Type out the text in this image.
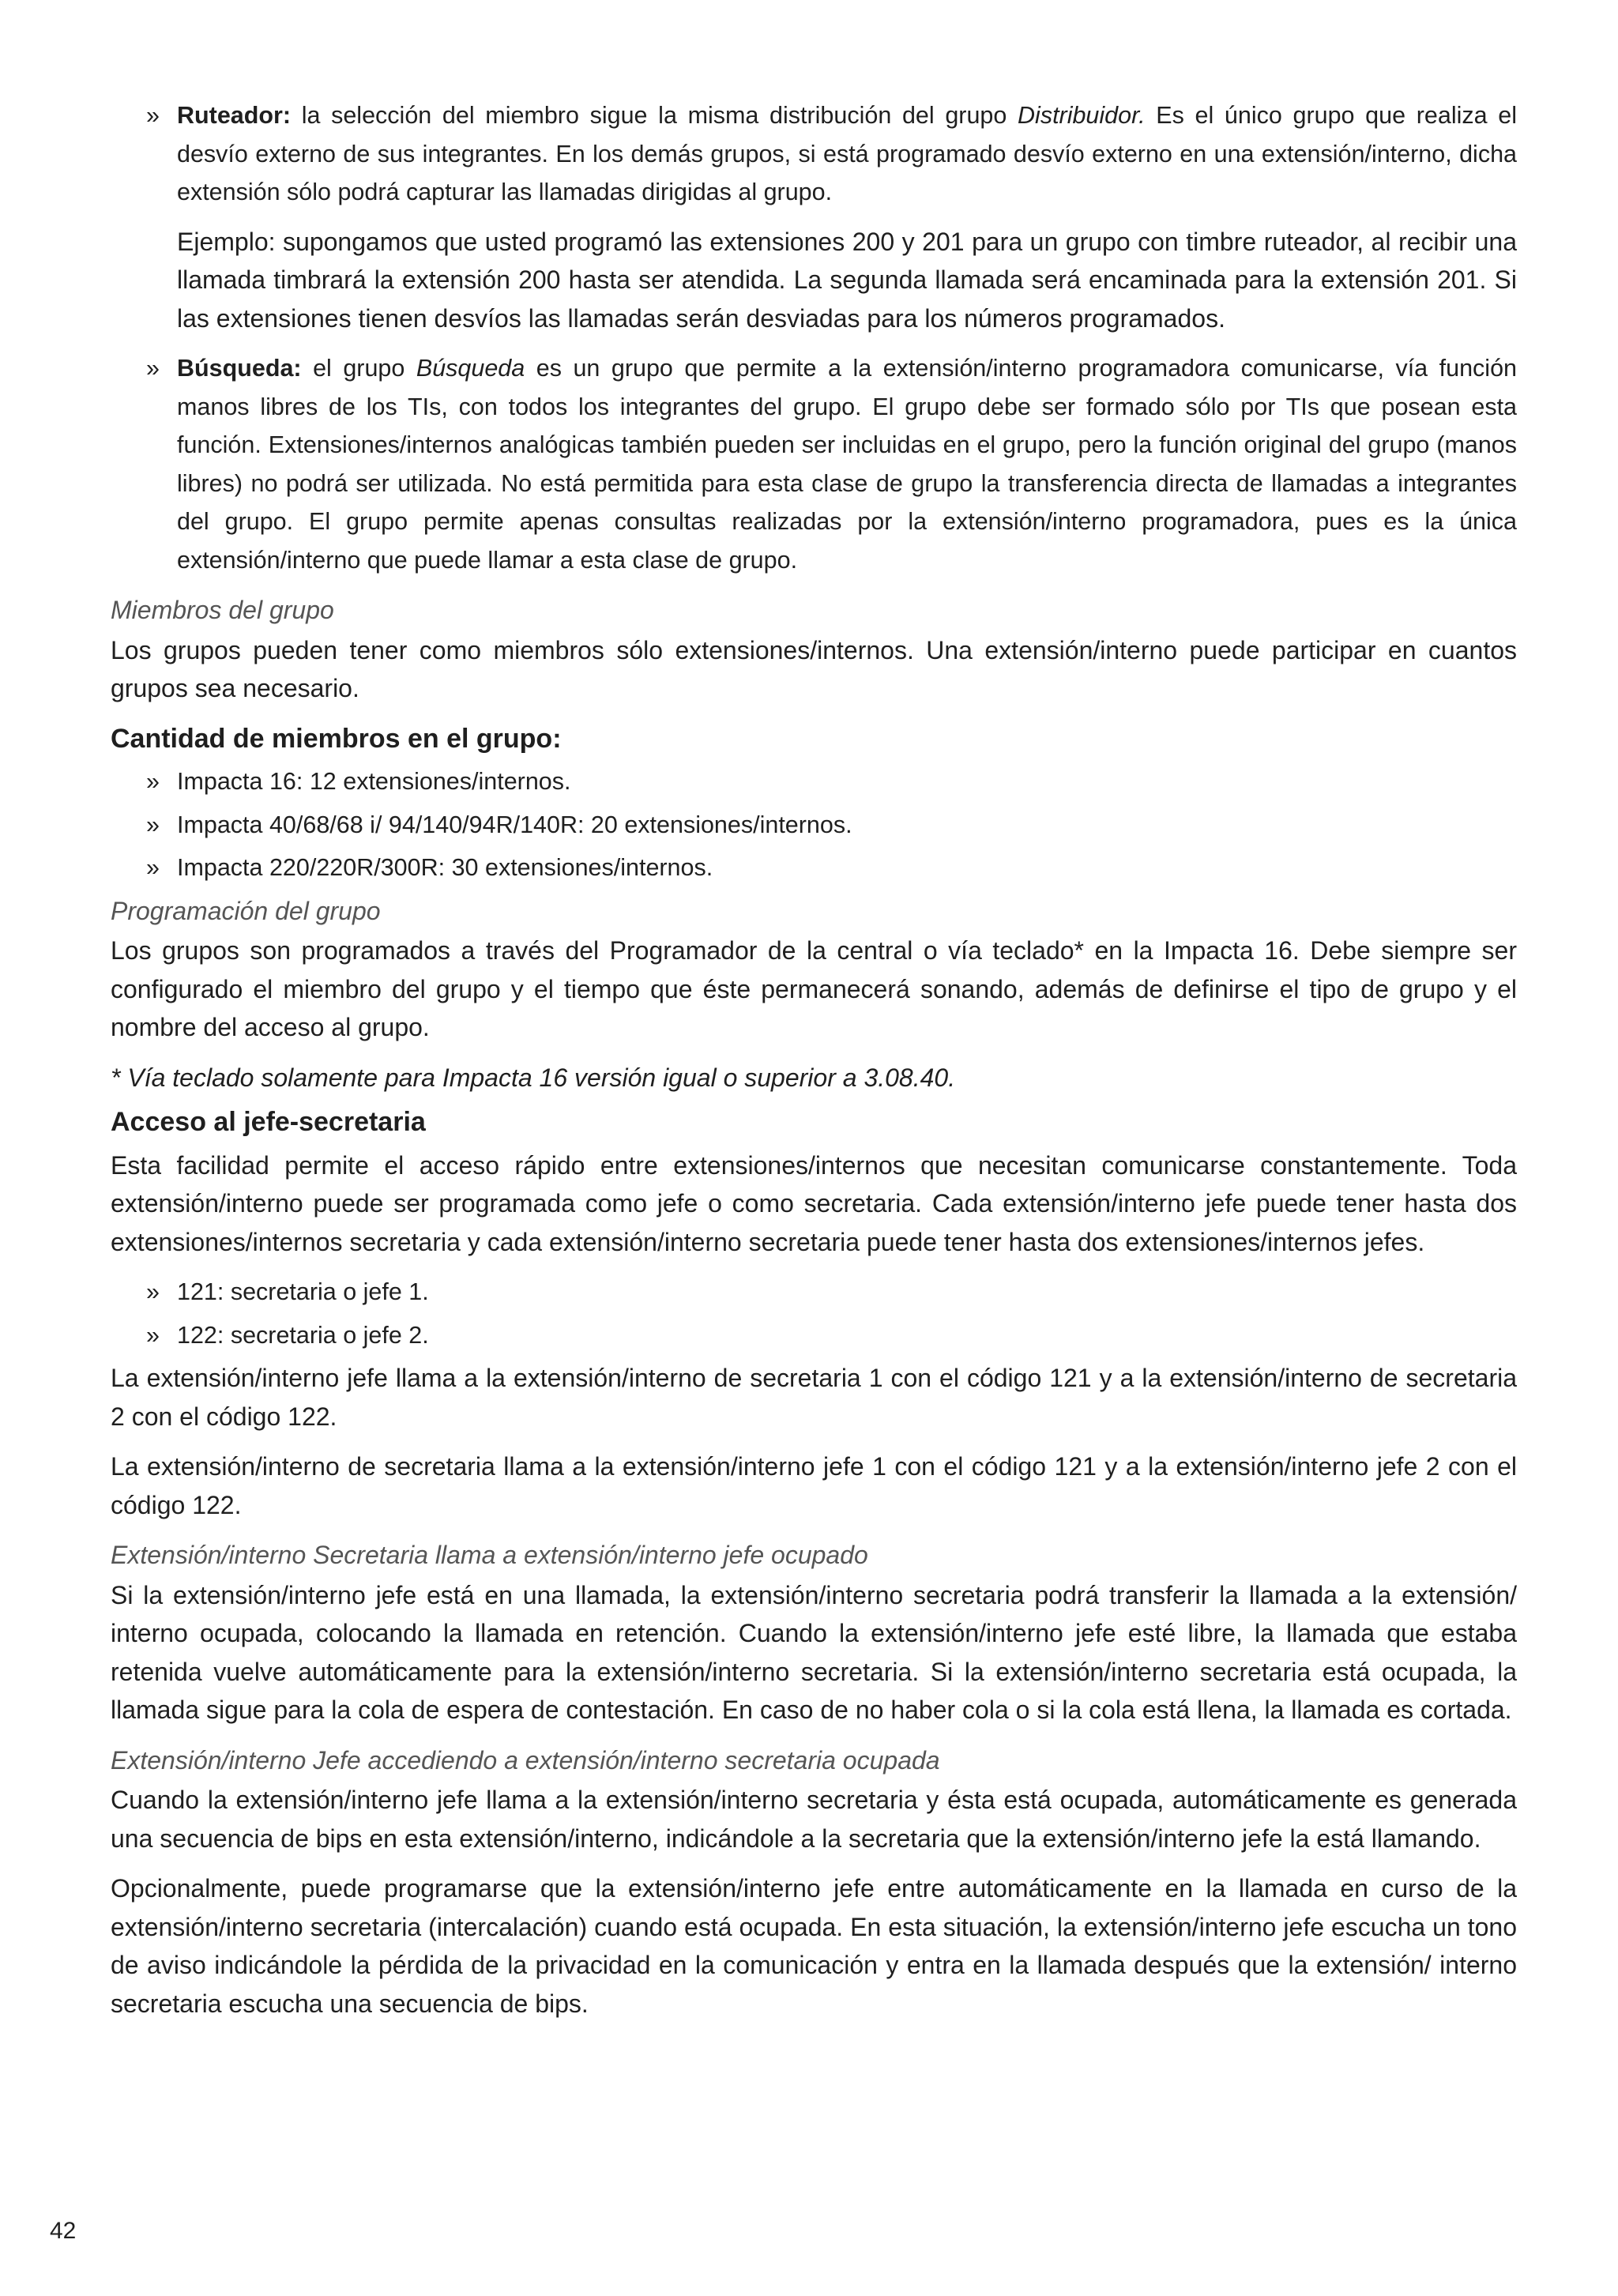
» Ruteador: la selección del miembro sigue la misma distribución del grupo Distribuidor. Es el único grupo que realiza el desvío externo de sus integrantes. En los demás grupos, si está programado desvío externo en una extensión/interno, dicha extensión sólo podrá capturar las llamadas dirigidas al grupo.

Ejemplo: supongamos que usted programó las extensiones 200 y 201 para un grupo con timbre ruteador, al recibir una llamada timbrará la extensión 200 hasta ser atendida. La segunda llamada será encaminada para la extensión 201. Si las extensiones tienen desvíos las llamadas serán desviadas para los números programados.

» Búsqueda: el grupo Búsqueda es un grupo que permite a la extensión/interno programadora comunicarse, vía función manos libres de los TIs, con todos los integrantes del grupo. El grupo debe ser formado sólo por TIs que posean esta función. Extensiones/internos analógicas también pueden ser incluidas en el grupo, pero la función original del grupo (manos libres) no podrá ser utilizada. No está permitida para esta clase de grupo la transferencia directa de llamadas a integrantes del grupo. El grupo permite apenas consultas realizadas por la extensión/interno programadora, pues es la única extensión/interno que puede llamar a esta clase de grupo.

Miembros del grupo

Los grupos pueden tener como miembros sólo extensiones/internos. Una extensión/interno puede participar en cuantos grupos sea necesario.

Cantidad de miembros en el grupo:

» Impacta 16: 12 extensiones/internos.

» Impacta 40/68/68 i/ 94/140/94R/140R: 20 extensiones/internos.

» Impacta 220/220R/300R: 30 extensiones/internos.

Programación del grupo

Los grupos son programados a través del Programador de la central o vía teclado* en la Impacta 16. Debe siempre ser configurado el miembro del grupo y el tiempo que éste permanecerá sonando, además de definirse el tipo de grupo y el nombre del acceso al grupo.

* Vía teclado solamente para Impacta 16 versión igual o superior a 3.08.40.

Acceso al jefe-secretaria

Esta facilidad permite el acceso rápido entre extensiones/internos que necesitan comunicarse constantemente. Toda extensión/interno puede ser programada como jefe o como secretaria. Cada extensión/interno jefe puede tener hasta dos extensiones/internos secretaria y cada extensión/interno secretaria puede tener hasta dos extensiones/internos jefes.

» 121: secretaria o jefe 1.

» 122: secretaria o jefe 2.

La extensión/interno jefe llama a la extensión/interno de secretaria 1 con el código 121 y a la extensión/interno de secretaria 2 con el código 122.

La extensión/interno de secretaria llama a la extensión/interno jefe 1 con el código 121 y a la extensión/interno jefe 2 con el código 122.

Extensión/interno Secretaria llama a extensión/interno jefe ocupado

Si la extensión/interno jefe está en una llamada, la extensión/interno secretaria podrá transferir la llamada a la extensión/ interno ocupada, colocando la llamada en retención. Cuando la extensión/interno jefe esté libre, la llamada que estaba retenida vuelve automáticamente para la extensión/interno secretaria. Si la extensión/interno secretaria está ocupada, la llamada sigue para la cola de espera de contestación. En caso de no haber cola o si la cola está llena, la llamada es cortada.

Extensión/interno Jefe accediendo a extensión/interno secretaria ocupada

Cuando la extensión/interno jefe llama a la extensión/interno secretaria y ésta está ocupada, automáticamente es generada una secuencia de bips en esta extensión/interno, indicándole a la secretaria que la extensión/interno jefe la está llamando.

Opcionalmente, puede programarse que la extensión/interno jefe entre automáticamente en la llamada en curso de la extensión/interno secretaria (intercalación) cuando está ocupada. En esta situación, la extensión/interno jefe escucha un tono de aviso indicándole la pérdida de la privacidad en la comunicación y entra en la llamada después que la extensión/ interno secretaria escucha una secuencia de bips.

42
